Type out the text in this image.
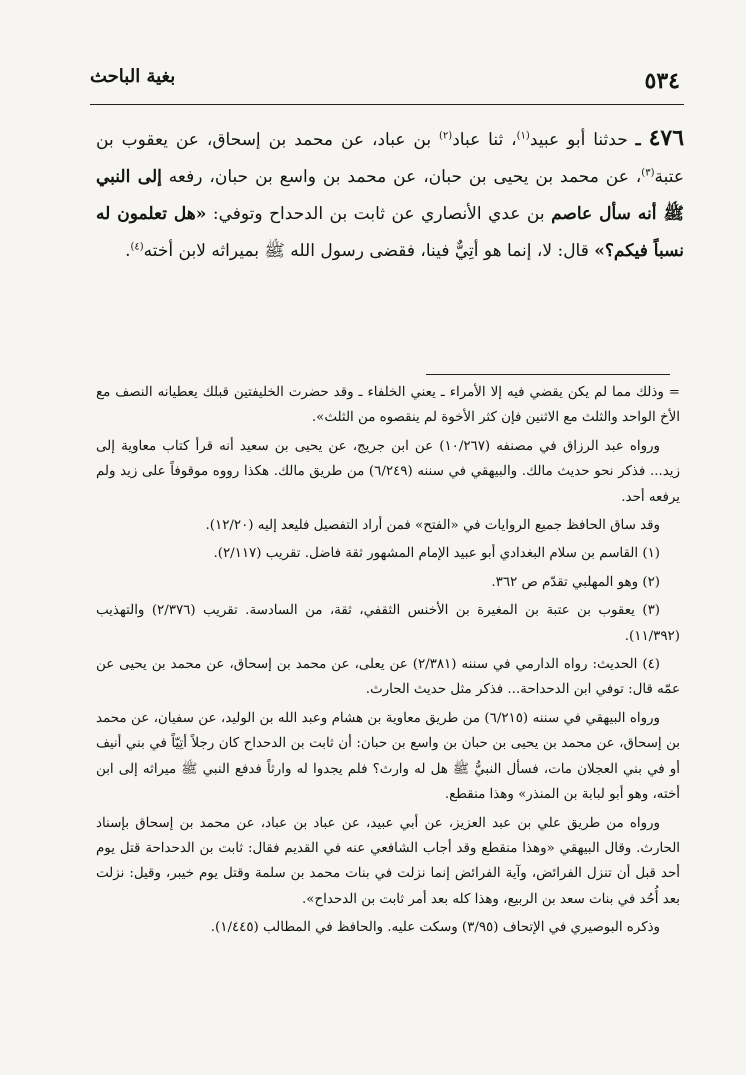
٥٣٤
بغية الباحث
٤٧٦ ـ حدثنا أبو عبيد$^{(١)}$، ثنا عباد$^{(٢)}$ بن عباد، عن محمد بن إسحاق، عن يعقوب بن عتبة$^{(٣)}$، عن محمد بن يحيى بن حبان، عن محمد بن واسع بن حبان، رفعه إلى النبي ﷺ أنه سأل عاصم بن عدي الأنصاري عن ثابت بن الدحداح وتوفي: «هل تعلمون له نسباً فيكم؟» قال: لا، إنما هو أتِيٌّ فينا، فقضى رسول الله ﷺ بميراثه لابن أخته$^{(٤)}$.

= وذلك مما لم يكن يقضي فيه إلا الأمراء ـ يعني الخلفاء ـ وقد حضرت الخليفتين قبلك يعطيانه النصف مع الأخ الواحد والثلث مع الاثنين فإن كثر الأخوة لم ينقصوه من الثلث».

ورواه عبد الرزاق في مصنفه (١٠/٢٦٧) عن ابن جريج، عن يحيى بن سعيد أنه قرأ كتاب معاوية إلى زيد... فذكر نحو حديث مالك. والبيهقي في سننه (٦/٢٤٩) من طريق مالك. هكذا رووه موقوفاً على زيد ولم يرفعه أحد.

وقد ساق الحافظ جميع الروايات في «الفتح» فمن أراد التفصيل فليعد إليه (١٢/٢٠).

(١) القاسم بن سلام البغدادي أبو عبيد الإمام المشهور ثقة فاضل. تقريب (٢/١١٧).

(٢) وهو المهلبي تقدّم ص ٣٦٢.

(٣) يعقوب بن عتبة بن المغيرة بن الأخنس الثقفي، ثقة، من السادسة. تقريب (٢/٣٧٦) والتهذيب (١١/٣٩٢).

(٤) الحديث: رواه الدارمي في سننه (٢/٣٨١) عن يعلى، عن محمد بن إسحاق، عن محمد بن يحيى عن عمّه قال: توفي ابن الدحداحة... فذكر مثل حديث الحارث.

ورواه البيهقي في سننه (٦/٢١٥) من طريق معاوية بن هشام وعبد الله بن الوليد، عن سفيان، عن محمد بن إسحاق، عن محمد بن يحيى بن حبان بن واسع بن حبان: أن ثابت بن الدحداح كان رجلاً أتِيّاً في بني أنيف أو في بني العجلان مات، فسأل النبيُّ ﷺ هل له وارث؟ فلم يجدوا له وارثاً فدفع النبي ﷺ ميراثه إلى ابن أخته، وهو أبو لبابة بن المنذر» وهذا منقطع.

ورواه من طريق علي بن عبد العزيز، عن أبي عبيد، عن عباد بن عباد، عن محمد بن إسحاق بإسناد الحارث. وقال البيهقي «وهذا منقطع وقد أجاب الشافعي عنه في القديم فقال: ثابت بن الدحداحة قتل يوم أحد قبل أن تنزل الفرائض، وآية الفرائض إنما نزلت في بنات محمد بن سلمة وقتل يوم خيبر، وقيل: نزلت بعد أُحُد في بنات سعد بن الربيع، وهذا كله بعد أمر ثابت بن الدحداح».

وذكره البوصيري في الإتحاف (٣/٩٥) وسكت عليه. والحافظ في المطالب (١/٤٤٥).
